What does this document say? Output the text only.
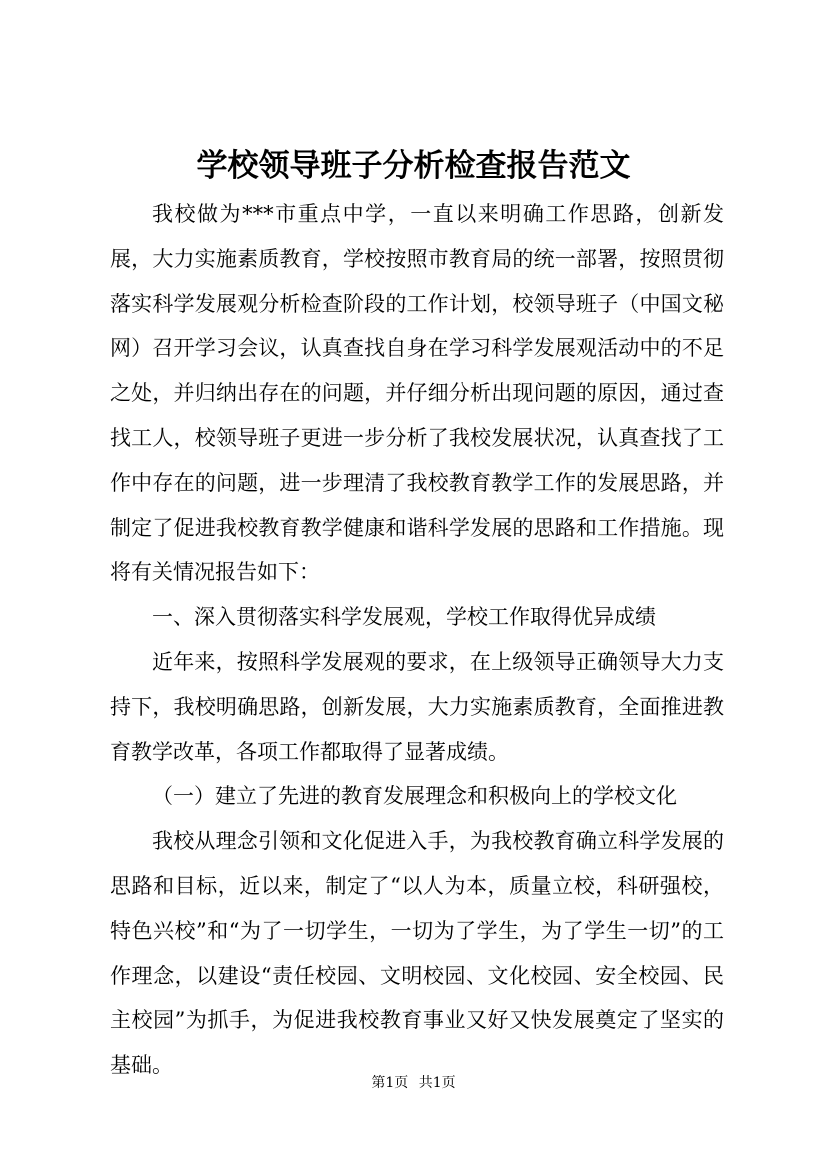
学校领导班子分析检查报告范文

我校做为***市重点中学，一直以来明确工作思路，创新发展，大力实施素质教育，学校按照市教育局的统一部署，按照贯彻落实科学发展观分析检查阶段的工作计划，校领导班子（中国文秘网）召开学习会议，认真查找自身在学习科学发展观活动中的不足之处，并归纳出存在的问题，并仔细分析出现问题的原因，通过查找工人，校领导班子更进一步分析了我校发展状况，认真查找了工作中存在的问题，进一步理清了我校教育教学工作的发展思路，并制定了促进我校教育教学健康和谐科学发展的思路和工作措施。现将有关情况报告如下：

一、深入贯彻落实科学发展观，学校工作取得优异成绩

近年来，按照科学发展观的要求，在上级领导正确领导大力支持下，我校明确思路，创新发展，大力实施素质教育，全面推进教育教学改革，各项工作都取得了显著成绩。

（一）建立了先进的教育发展理念和积极向上的学校文化

我校从理念引领和文化促进入手，为我校教育确立科学发展的思路和目标，近以来，制定了“以人为本，质量立校，科研强校，特色兴校”和“为了一切学生，一切为了学生，为了学生一切”的工作理念，以建设“责任校园、文明校园、文化校园、安全校园、民主校园”为抓手，为促进我校教育事业又好又快发展奠定了坚实的基础。

第1页 共1页
